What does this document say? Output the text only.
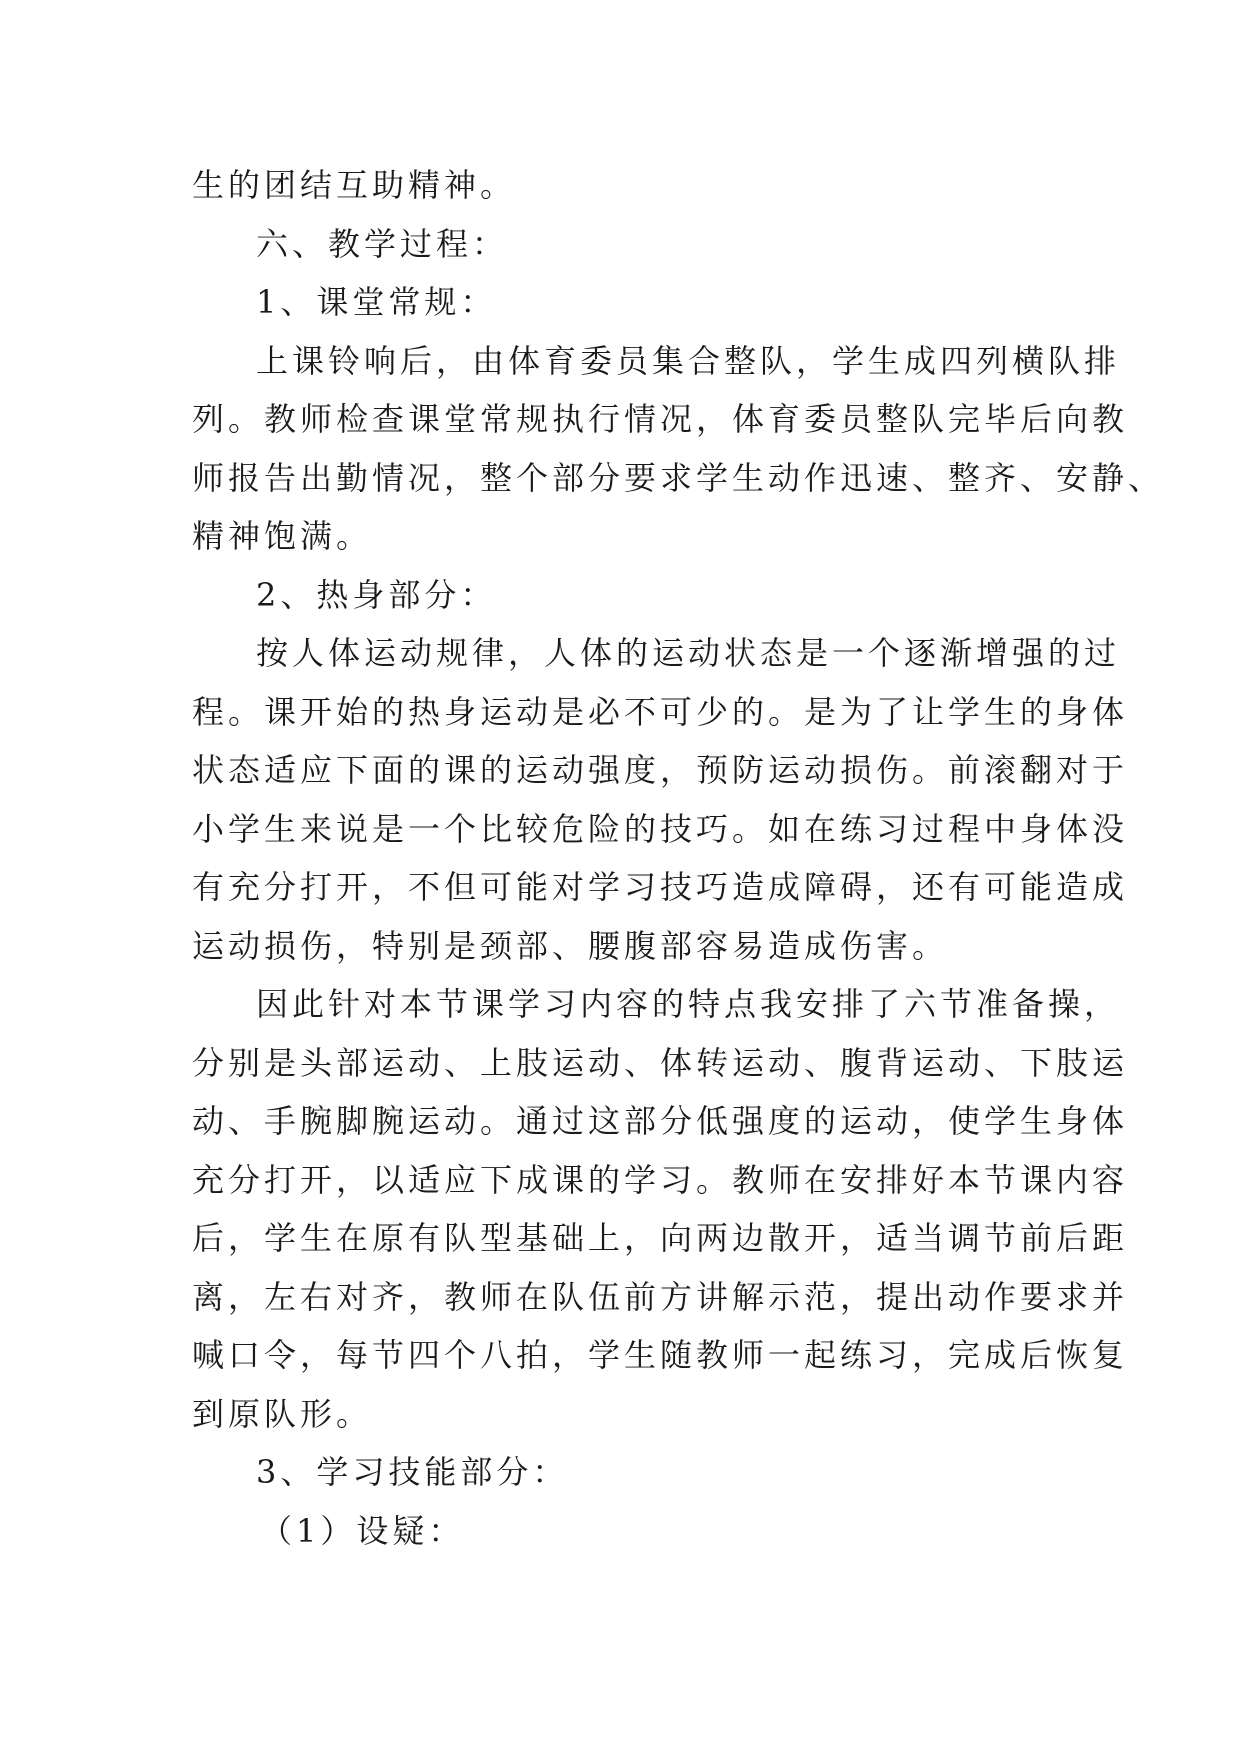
生的团结互助精神。

六、教学过程：

1、课堂常规：

上课铃响后，由体育委员集合整队，学生成四列横队排

列。教师检查课堂常规执行情况，体育委员整队完毕后向教

师报告出勤情况，整个部分要求学生动作迅速、整齐、安静、

精神饱满。

2、热身部分：

按人体运动规律，人体的运动状态是一个逐渐增强的过

程。课开始的热身运动是必不可少的。是为了让学生的身体

状态适应下面的课的运动强度，预防运动损伤。前滚翻对于

小学生来说是一个比较危险的技巧。如在练习过程中身体没

有充分打开，不但可能对学习技巧造成障碍，还有可能造成

运动损伤，特别是颈部、腰腹部容易造成伤害。

因此针对本节课学习内容的特点我安排了六节准备操，

分别是头部运动、上肢运动、体转运动、腹背运动、下肢运

动、手腕脚腕运动。通过这部分低强度的运动，使学生身体

充分打开，以适应下成课的学习。教师在安排好本节课内容

后，学生在原有队型基础上，向两边散开，适当调节前后距

离，左右对齐，教师在队伍前方讲解示范，提出动作要求并

喊口令，每节四个八拍，学生随教师一起练习，完成后恢复

到原队形。

3、学习技能部分：

（1）设疑：
